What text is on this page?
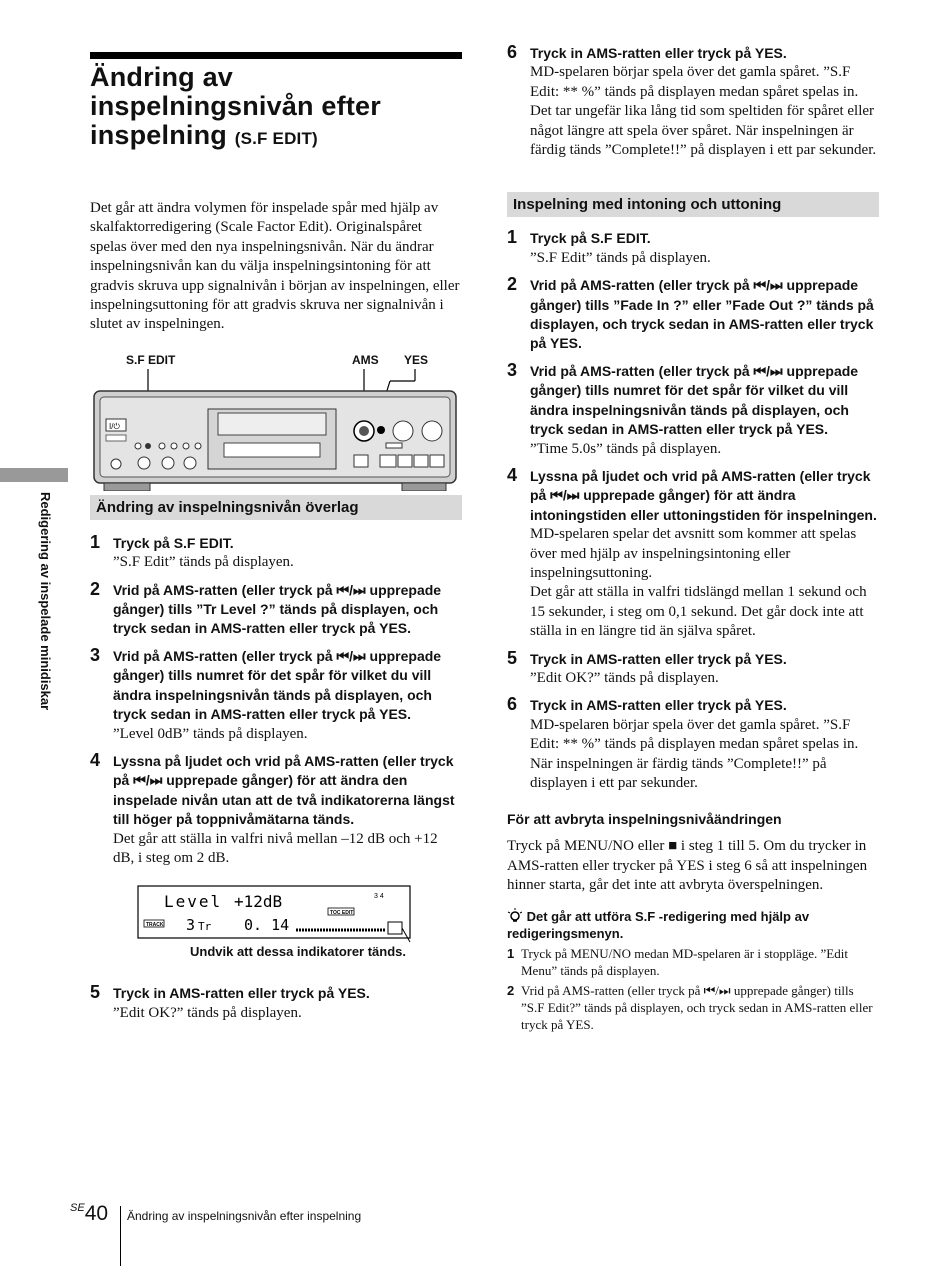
Redigering av inspelade minidiskar
Ändring av
inspelningsnivån efter
inspelning (S.F EDIT)
Det går att ändra volymen för inspelade spår med hjälp av skalfaktorredigering (Scale Factor Edit). Originalspåret spelas över med den nya inspelningsnivån. När du ändrar inspelningsnivån kan du välja inspelningsintoning för att gradvis skruva upp signalnivån i början av inspelningen, eller inspelningsuttoning för att gradvis skruva ner signalnivån i slutet av inspelningen.
S.F EDIT	AMS YES
I/⏻
Ändring av inspelningsnivån överlag
1 Tryck på S.F EDIT.
”S.F Edit” tänds på displayen.
2 Vrid på AMS-ratten (eller tryck på ⏮/⏭ upprepade gånger) tills ”Tr Level ?” tänds på displayen, och tryck sedan in AMS-ratten eller tryck på YES.
3 Vrid på AMS-ratten (eller tryck på ⏮/⏭ upprepade gånger) tills numret för det spår för vilket du vill ändra inspelningsnivån tänds på displayen, och tryck sedan in AMS-ratten eller tryck på YES.
”Level 0dB” tänds på displayen.
4 Lyssna på ljudet och vrid på AMS-ratten (eller tryck på ⏮/⏭ upprepade gånger) för att ändra den inspelade nivån utan att de två indikatorerna längst till höger på toppnivåmätarna tänds.
Det går att ställa in valfri nivå mellan –12 dB och +12 dB, i steg om 2 dB.
Level +12dB	3 4
TOC EDIT
TRACK 3 Tr 0. 14
Undvik att dessa indikatorer tänds.
5 Tryck in AMS-ratten eller tryck på YES.
”Edit OK?” tänds på displayen.
6 Tryck in AMS-ratten eller tryck på YES.
MD-spelaren börjar spela över det gamla spåret. ”S.F Edit: ** %” tänds på displayen medan spåret spelas in. Det tar ungefär lika lång tid som speltiden för spåret eller något längre att spela över spåret. När inspelningen är färdig tänds ”Complete!!” på displayen i ett par sekunder.
Inspelning med intoning och uttoning
1 Tryck på S.F EDIT.
”S.F Edit” tänds på displayen.
2 Vrid på AMS-ratten (eller tryck på ⏮/⏭ upprepade gånger) tills ”Fade In ?” eller ”Fade Out ?” tänds på displayen, och tryck sedan in AMS-ratten eller tryck på YES.
3 Vrid på AMS-ratten (eller tryck på ⏮/⏭ upprepade gånger) tills numret för det spår för vilket du vill ändra inspelningsnivån tänds på displayen, och tryck sedan in AMS-ratten eller tryck på YES.
”Time 5.0s” tänds på displayen.
4 Lyssna på ljudet och vrid på AMS-ratten (eller tryck på ⏮/⏭ upprepade gånger) för att ändra intoningstiden eller uttoningstiden för inspelningen.
MD-spelaren spelar det avsnitt som kommer att spelas över med hjälp av inspelningsintoning eller inspelningsuttoning.
Det går att ställa in valfri tidslängd mellan 1 sekund och 15 sekunder, i steg om 0,1 sekund. Det går dock inte att ställa in en längre tid än själva spåret.
5 Tryck in AMS-ratten eller tryck på YES.
”Edit OK?” tänds på displayen.
6 Tryck in AMS-ratten eller tryck på YES.
MD-spelaren börjar spela över det gamla spåret. ”S.F Edit: ** %” tänds på displayen medan spåret spelas in. När inspelningen är färdig tänds ”Complete!!” på displayen i ett par sekunder.
För att avbryta inspelningsnivåändringen
Tryck på MENU/NO eller ■ i steg 1 till 5. Om du trycker in AMS-ratten eller trycker på YES i steg 6 så att inspelningen hinner starta, går det inte att avbryta överspelningen.
Det går att utföra S.F -redigering med hjälp av redigeringsmenyn.
1 Tryck på MENU/NO medan MD-spelaren är i stoppläge. ”Edit Menu” tänds på displayen.
2 Vrid på AMS-ratten (eller tryck på ⏮/⏭ upprepade gånger) tills ”S.F Edit?” tänds på displayen, och tryck sedan in AMS-ratten eller tryck på YES.
$^{SE}$40 Ändring av inspelningsnivån efter inspelning
